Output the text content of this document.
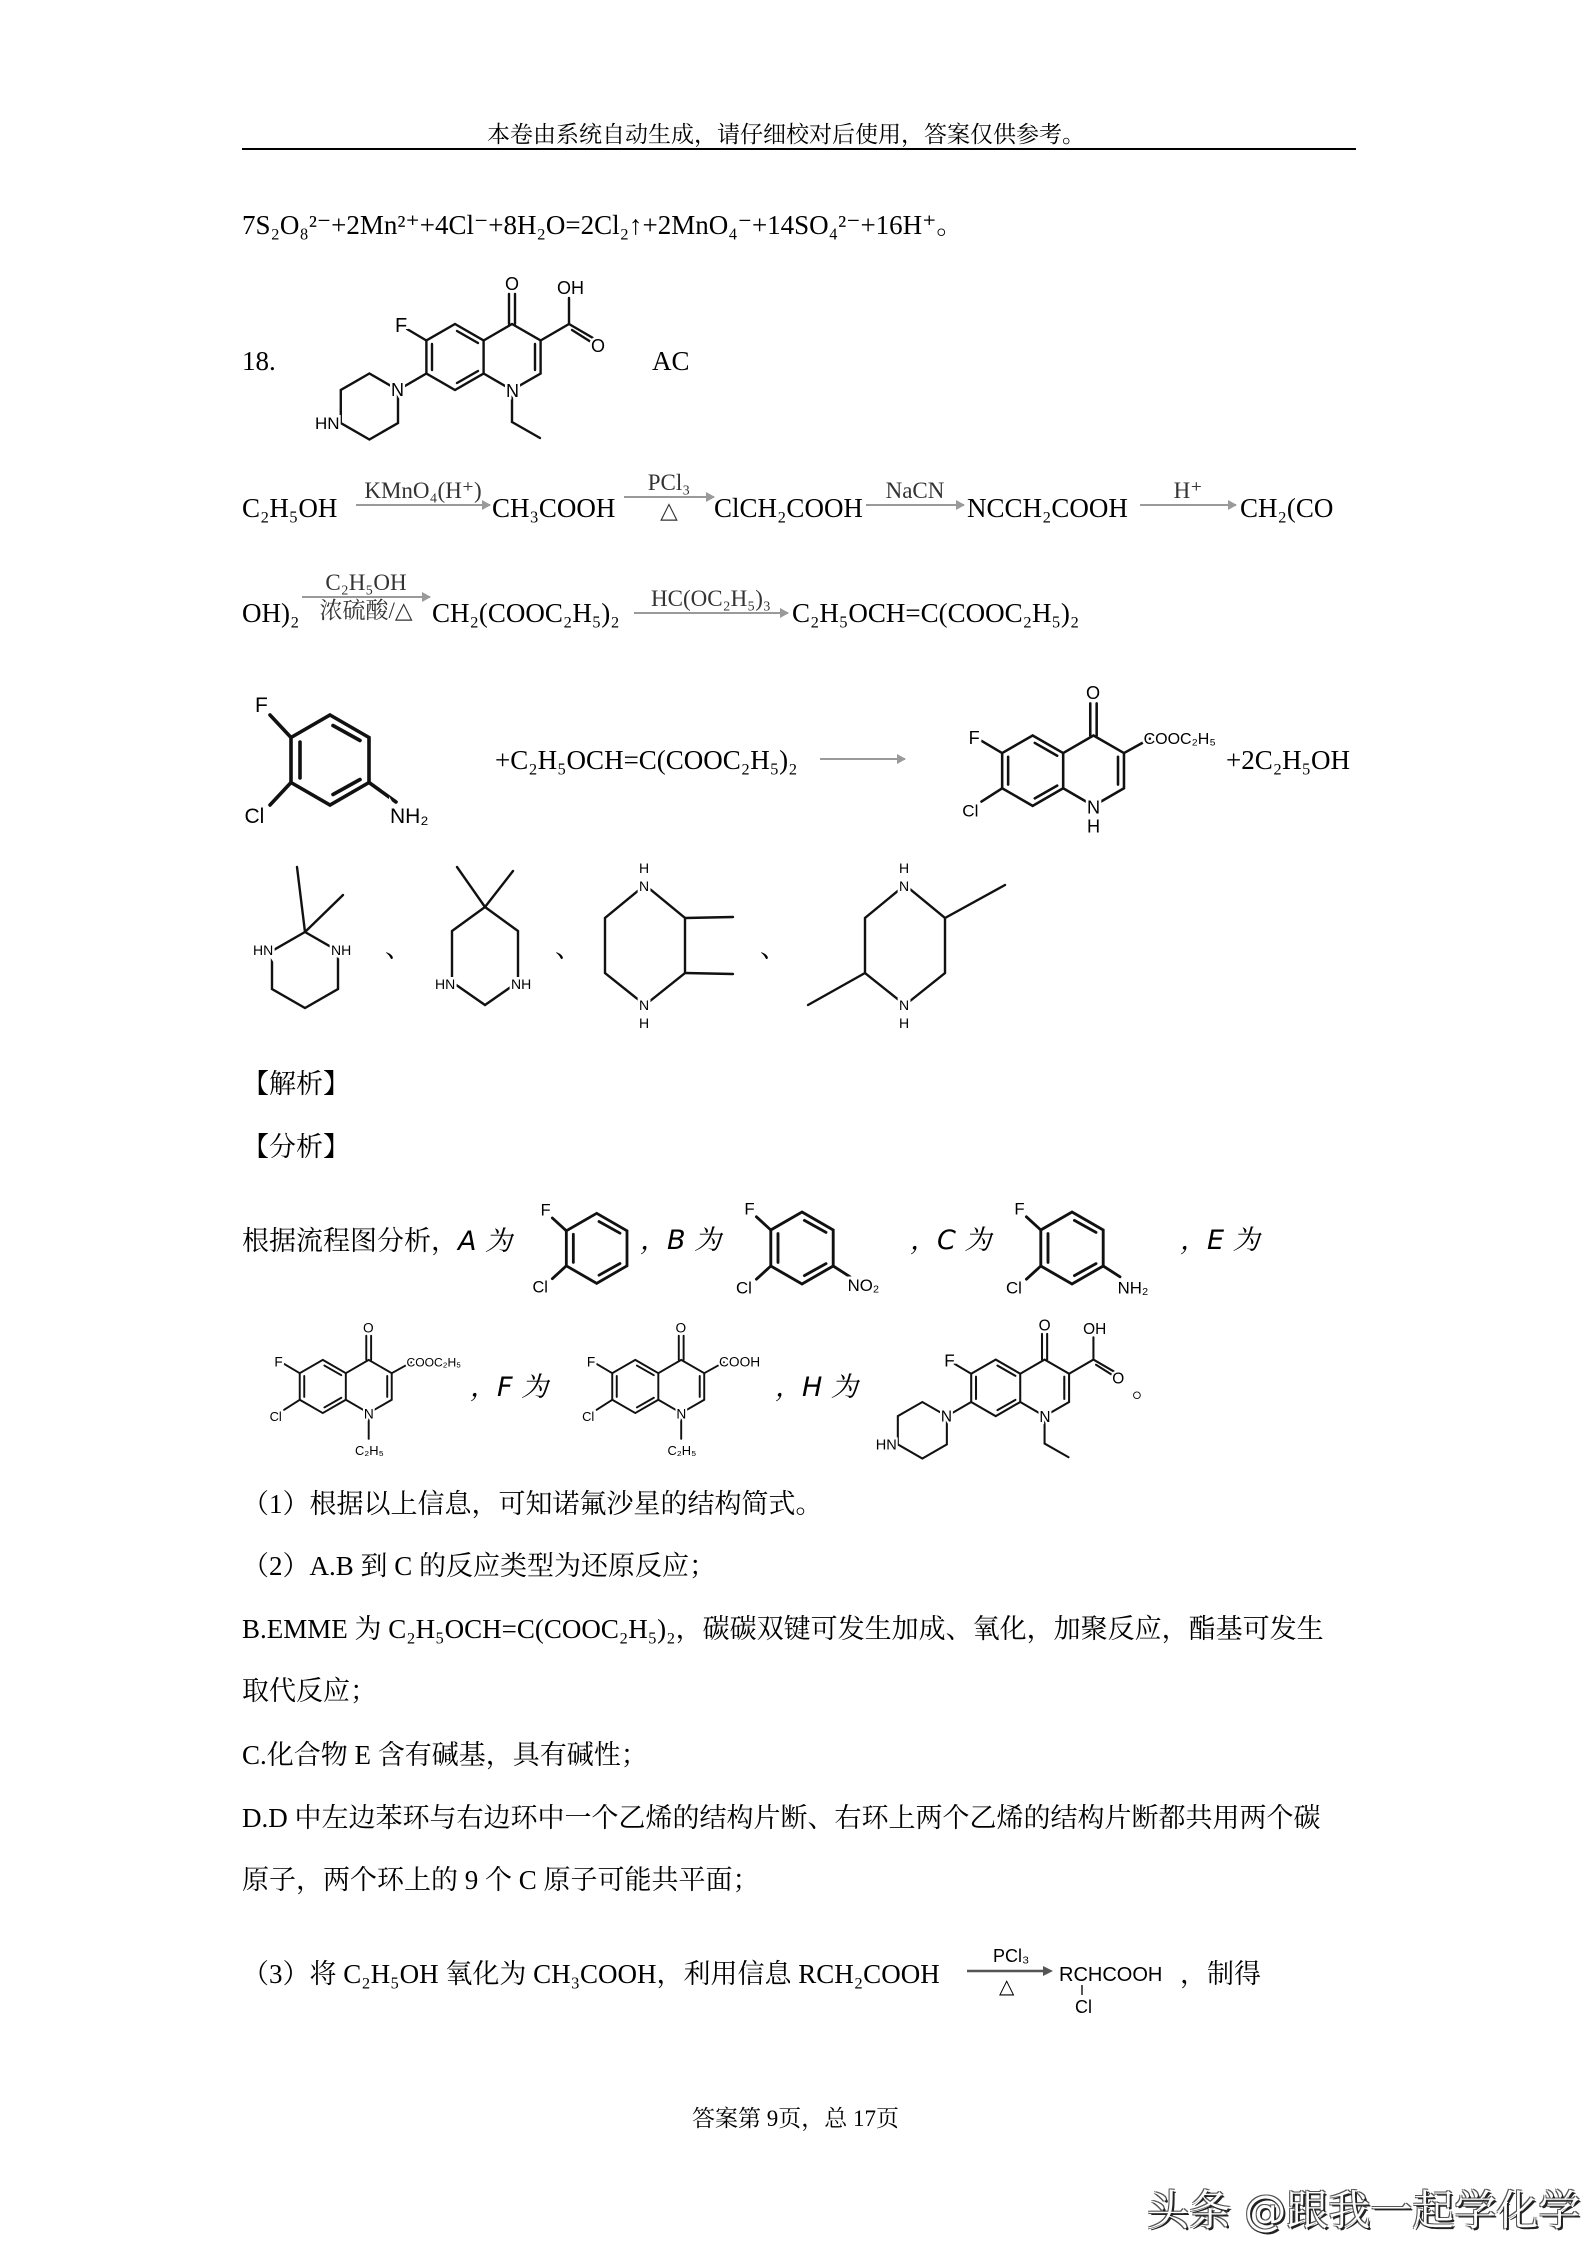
本卷由系统自动生成，请仔细校对后使用，答案仅供参考。
7S₂O₈²⁻+2Mn²⁺+4Cl⁻+8H₂O=2Cl₂↑+2MnO₄⁻+14SO₄²⁻+16H⁺。
18.
O OH
O
F
N	N
HN
AC
C₂H₅OH
KMnO₄(H⁺)
CH₃COOH
PCl₃
△ ClCH₂COOH
NaCN
NCCH₂COOH
H⁺
CH₂(CO
OH)₂
C₂H₅OH
浓硫酸/△ CH₂(COOC₂H₅)₂ HC(OC₂H₅)₃ C₂H₅OCH=C(COOC₂H₅)₂
F
Cl	NH₂
+C₂H₅OCH=C(COOC₂H₅)₂
O
F
Cl
COOC₂H₅
N
H
+2C₂H₅OH
HN	NH 、
HN	NH
、
H
N
N
H
、
H
N
N
H
【解析】
【分析】
根据流程图分析，A 为
F
Cl
，B 为
F
Cl	NO₂
，C 为
F
Cl	NH₂
，E 为
O
F
Cl
COOC₂H₅
N
C₂H₅
，F 为
O
F
Cl
COOH
N
C₂H₅
，H 为
O OH
O
F
N	N
HN
。
（1）根据以上信息，可知诺氟沙星的结构简式。
（2）A.B 到 C 的反应类型为还原反应；
B.EMME 为 C₂H₅OCH=C(COOC₂H₅)₂，碳碳双键可发生加成、氧化，加聚反应，酯基可发生
取代反应；
C.化合物 E 含有碱基，具有碱性；
D.D 中左边苯环与右边环中一个乙烯的结构片断、右环上两个乙烯的结构片断都共用两个碳
原子，两个环上的 9 个 C 原子可能共平面；
（3）将 C₂H₅OH 氧化为 CH₃COOH，利用信息 RCH₂COOH
PCl₃
△
RCHCOOH
Cl
，制得
答案第 9页，总 17页
头条 @跟我一起学化学
